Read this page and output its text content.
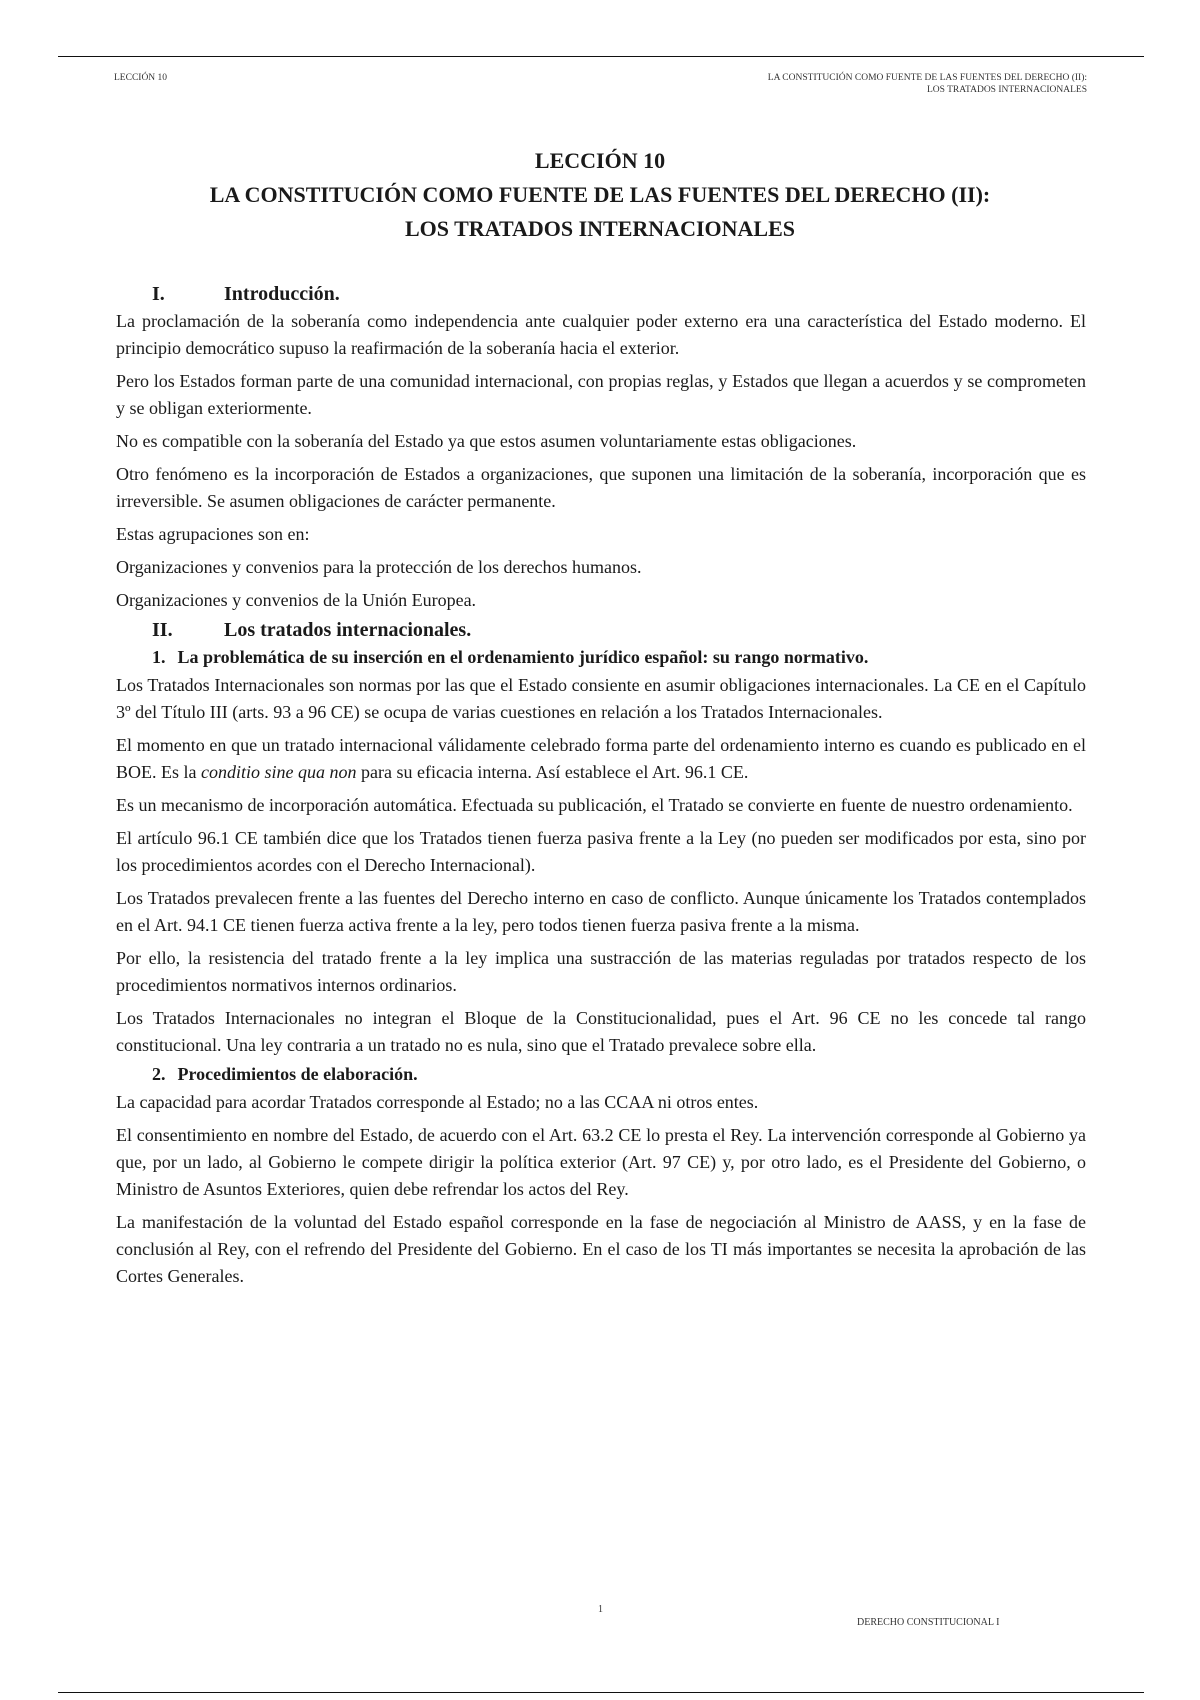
LECCIÓN 10	LA CONSTITUCIÓN COMO FUENTE DE LAS FUENTES DEL DERECHO (II):
LOS TRATADOS INTERNACIONALES
LECCIÓN 10
LA CONSTITUCIÓN COMO FUENTE DE LAS FUENTES DEL DERECHO (II):
LOS TRATADOS INTERNACIONALES
I.	Introducción.

La proclamación de la soberanía como independencia ante cualquier poder externo era una característica del Estado moderno. El principio democrático supuso la reafirmación de la soberanía hacia el exterior.

Pero los Estados forman parte de una comunidad internacional, con propias reglas, y Estados que llegan a acuerdos y se comprometen y se obligan exteriormente.

No es compatible con la soberanía del Estado ya que estos asumen voluntariamente estas obligaciones.

Otro fenómeno es la incorporación de Estados a organizaciones, que suponen una limitación de la soberanía, incorporación que es irreversible. Se asumen obligaciones de carácter permanente.

Estas agrupaciones son en:

Organizaciones y convenios para la protección de los derechos humanos.

Organizaciones y convenios de la Unión Europea.

II.	Los tratados internacionales.
1. La problemática de su inserción en el ordenamiento jurídico español: su rango normativo.

Los Tratados Internacionales son normas por las que el Estado consiente en asumir obligaciones internacionales. La CE en el Capítulo 3º del Título III (arts. 93 a 96 CE) se ocupa de varias cuestiones en relación a los Tratados Internacionales.

El momento en que un tratado internacional válidamente celebrado forma parte del ordenamiento interno es cuando es publicado en el BOE. Es la conditio sine qua non para su eficacia interna. Así establece el Art. 96.1 CE.

Es un mecanismo de incorporación automática. Efectuada su publicación, el Tratado se convierte en fuente de nuestro ordenamiento.

El artículo 96.1 CE también dice que los Tratados tienen fuerza pasiva frente a la Ley (no pueden ser modificados por esta, sino por los procedimientos acordes con el Derecho Internacional).

Los Tratados prevalecen frente a las fuentes del Derecho interno en caso de conflicto. Aunque únicamente los Tratados contemplados en el Art. 94.1 CE tienen fuerza activa frente a la ley, pero todos tienen fuerza pasiva frente a la misma.

Por ello, la resistencia del tratado frente a la ley implica una sustracción de las materias reguladas por tratados respecto de los procedimientos normativos internos ordinarios.

Los Tratados Internacionales no integran el Bloque de la Constitucionalidad, pues el Art. 96 CE no les concede tal rango constitucional. Una ley contraria a un tratado no es nula, sino que el Tratado prevalece sobre ella.

2. Procedimientos de elaboración.

La capacidad para acordar Tratados corresponde al Estado; no a las CCAA ni otros entes.

El consentimiento en nombre del Estado, de acuerdo con el Art. 63.2 CE lo presta el Rey. La intervención corresponde al Gobierno ya que, por un lado, al Gobierno le compete dirigir la política exterior (Art. 97 CE) y, por otro lado, es el Presidente del Gobierno, o Ministro de Asuntos Exteriores, quien debe refrendar los actos del Rey.

La manifestación de la voluntad del Estado español corresponde en la fase de negociación al Ministro de AASS, y en la fase de conclusión al Rey, con el refrendo del Presidente del Gobierno. En el caso de los TI más importantes se necesita la aprobación de las Cortes Generales.

1
DERECHO CONSTITUCIONAL I
